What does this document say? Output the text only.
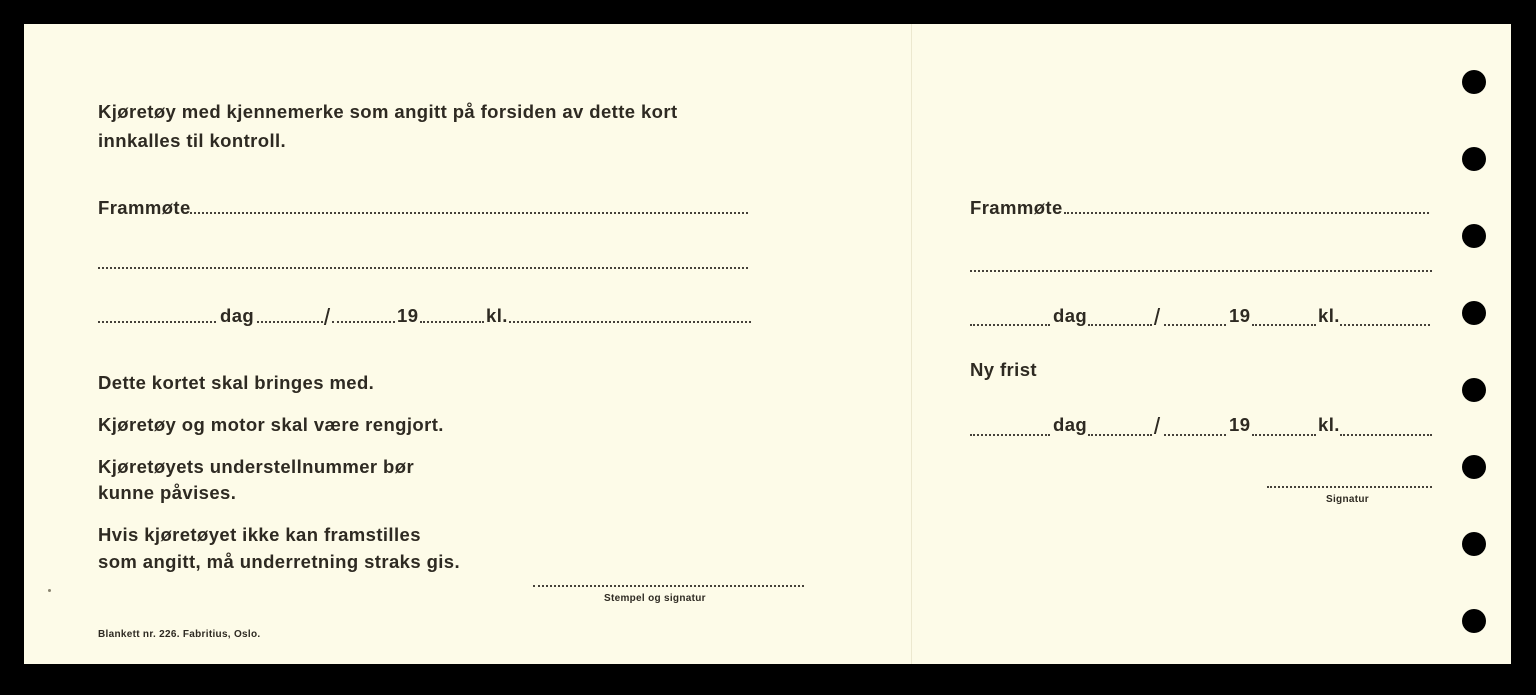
Kjøretøy med kjennemerke som angitt på forsiden av dette kort
innkalles til kontroll.
Frammøte
dag	19	kl.
Dette kortet skal bringes med.
Kjøretøy og motor skal være rengjort.
Kjøretøyets understellnummer bør
kunne påvises.
Hvis kjøretøyet ikke kan framstilles
som angitt, må underretning straks gis.
Stempel og signatur
Blankett nr. 226. Fabritius, Oslo.
Frammøte
dag	19	kl.
Ny frist
dag	19	kl.
Signatur
